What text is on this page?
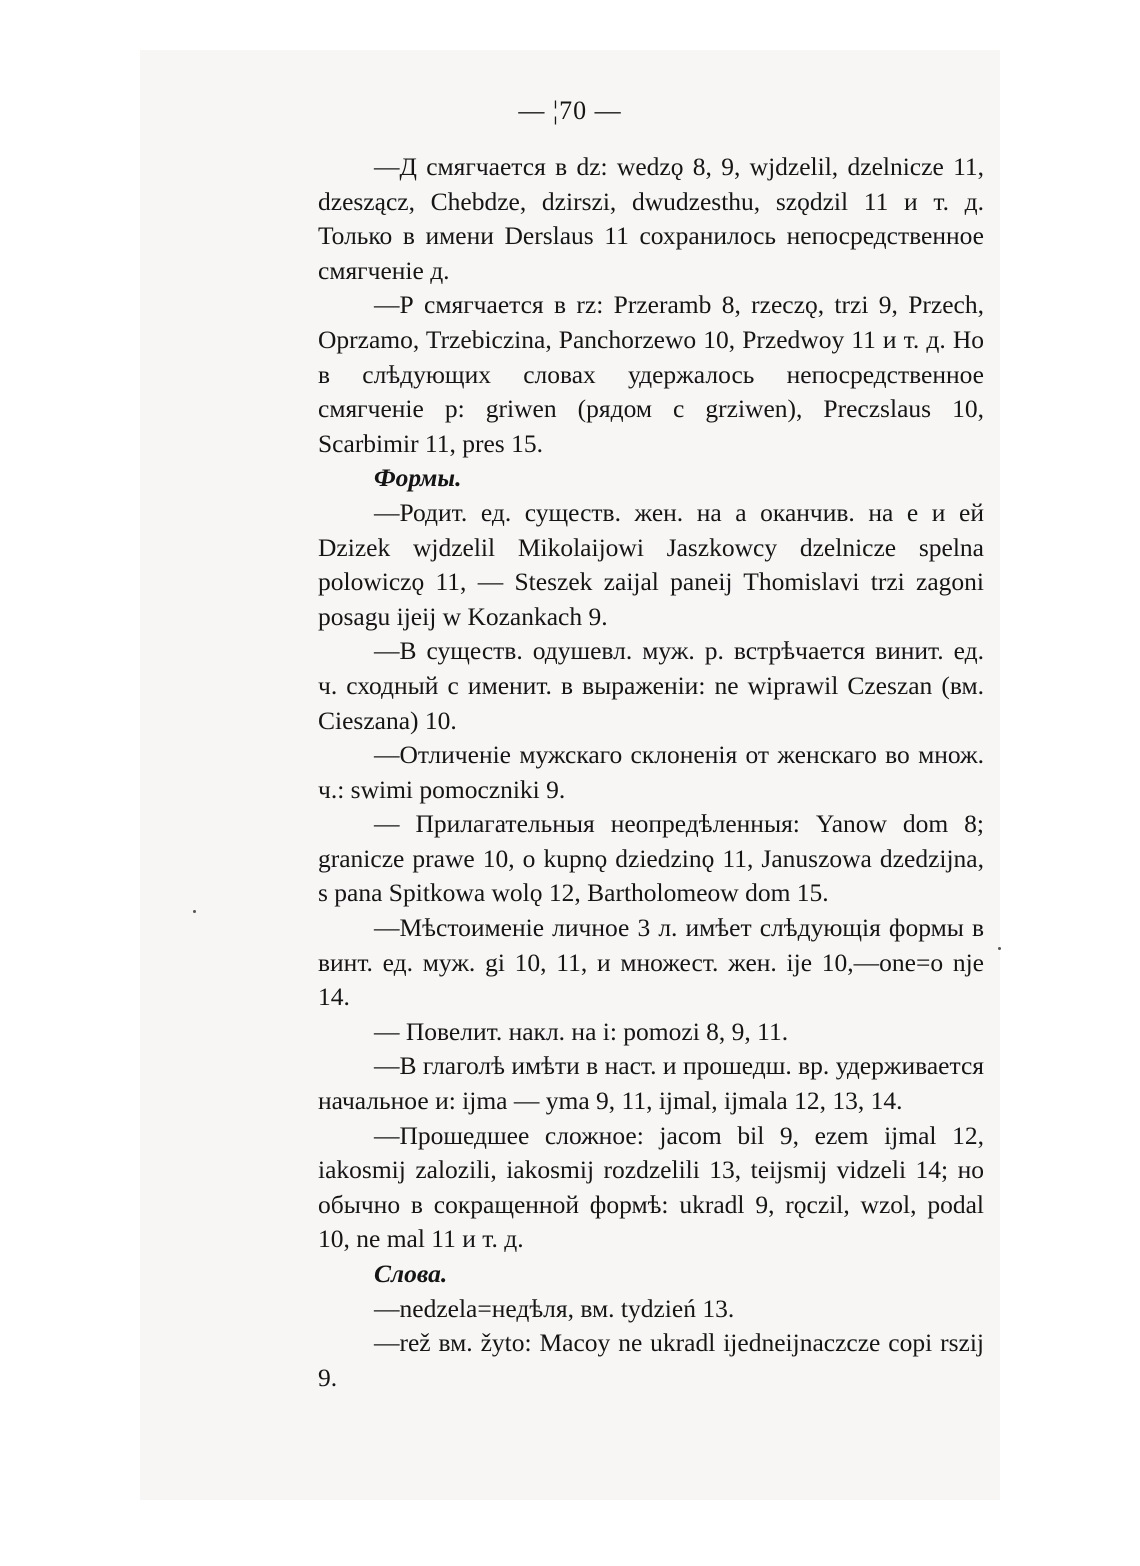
— ¦70 —

—Д смягчается в dz: wedzǫ 8, 9, wjdzelil, dzelnicze 11, dzeszącz, Chebdze, dzirszi, dwudzesthu, szǫdzil 11 и т. д. Только в имени Derslaus 11 сохранилось непосредственное смягченіе д.

—Р смягчается в rz: Przeramb 8, rzeczǫ, trzi 9, Przech, Oprzamo, Trzebiczina, Panchorzewo 10, Przedwoy 11 и т. д. Но в слѣдующих словах удержалось непосредственное смягченіе p: griwen (рядом с grziwen), Preczslaus 10, Scarbimir 11, pres 15.

Формы.

—Родит. ед. существ. жен. на а оканчив. на е и ей Dzizek wjdzelil Mikolaijowi Jaszkowcy dzelnicze spelna polowiczǫ 11, — Steszek zaijal paneij Thomislavi trzi zagoni posagu ijeij w Kozankach 9.

—В существ. одушевл. муж. р. встрѣчается винит. ед. ч. сходный с именит. в выраженіи: ne wiprawil Czeszan (вм. Cieszana) 10.

—Отличеніе мужскаго склоненія от женскаго во множ. ч.: swimi pomoczniki 9.

— Прилагательныя неопредѣленныя: Yanow dom 8; granicze prawe 10, o kupnǫ dziedzinǫ 11, Januszowa dzedzijna, s pana Spitkowa wolǫ 12, Bartholomeow dom 15.

—Мѣстоименіе личное 3 л. имѣет слѣдующія формы в винт. ед. муж. gi 10, 11, и множест. жен. ije 10,—one=o nje 14.

— Повелит. накл. на i: pomozi 8, 9, 11.

—В глаголѣ имѣти в наст. и прошедш. вр. удерживается начальное и: ijma — yma 9, 11, ijmal, ijmala 12, 13, 14.

—Прошедшее сложное: jacom bil 9, ezem ijmal 12, iakosmij zalozili, iakosmij rozdzelili 13, teijsmij vidzeli 14; но обычно в сокращенной формѣ: ukradl 9, rǫczil, wzol, podal 10, ne mal 11 и т. д.

Слова.

—nedzela=недѣля, вм. tydzień 13.

—rež вм. žyto: Macoy ne ukradl ijedneijnaczcze copi rszij 9.
